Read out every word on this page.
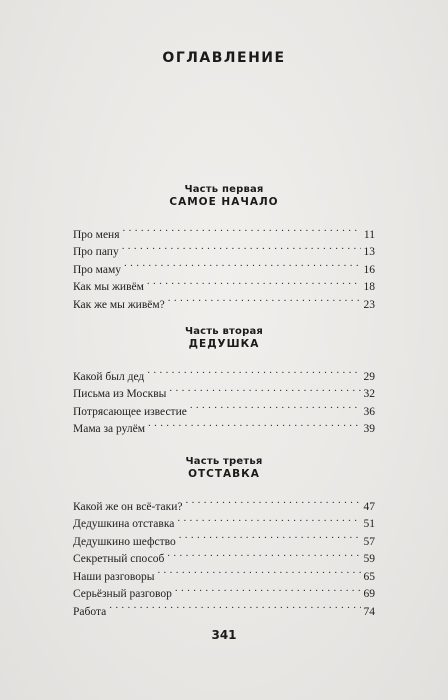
ОГЛАВЛЕНИЕ
Часть первая
САМОЕ НАЧАЛО
Про меня . . .	11
Про папу . . .	13
Про маму . . .	16
Как мы живём . . .	18
Как же мы живём? . . .	23
Часть вторая
ДЕДУШКА
Какой был дед . . .	29
Письма из Москвы . . .	32
Потрясающее известие . . .	36
Мама за рулём . . .	39
Часть третья
ОТСТАВКА
Какой же он всё-таки? . . .	47
Дедушкина отставка . . .	51
Дедушкино шефство . . .	57
Секретный способ . . .	59
Наши разговоры . . .	65
Серьёзный разговор . . .	69
Работа . . .	74
341
